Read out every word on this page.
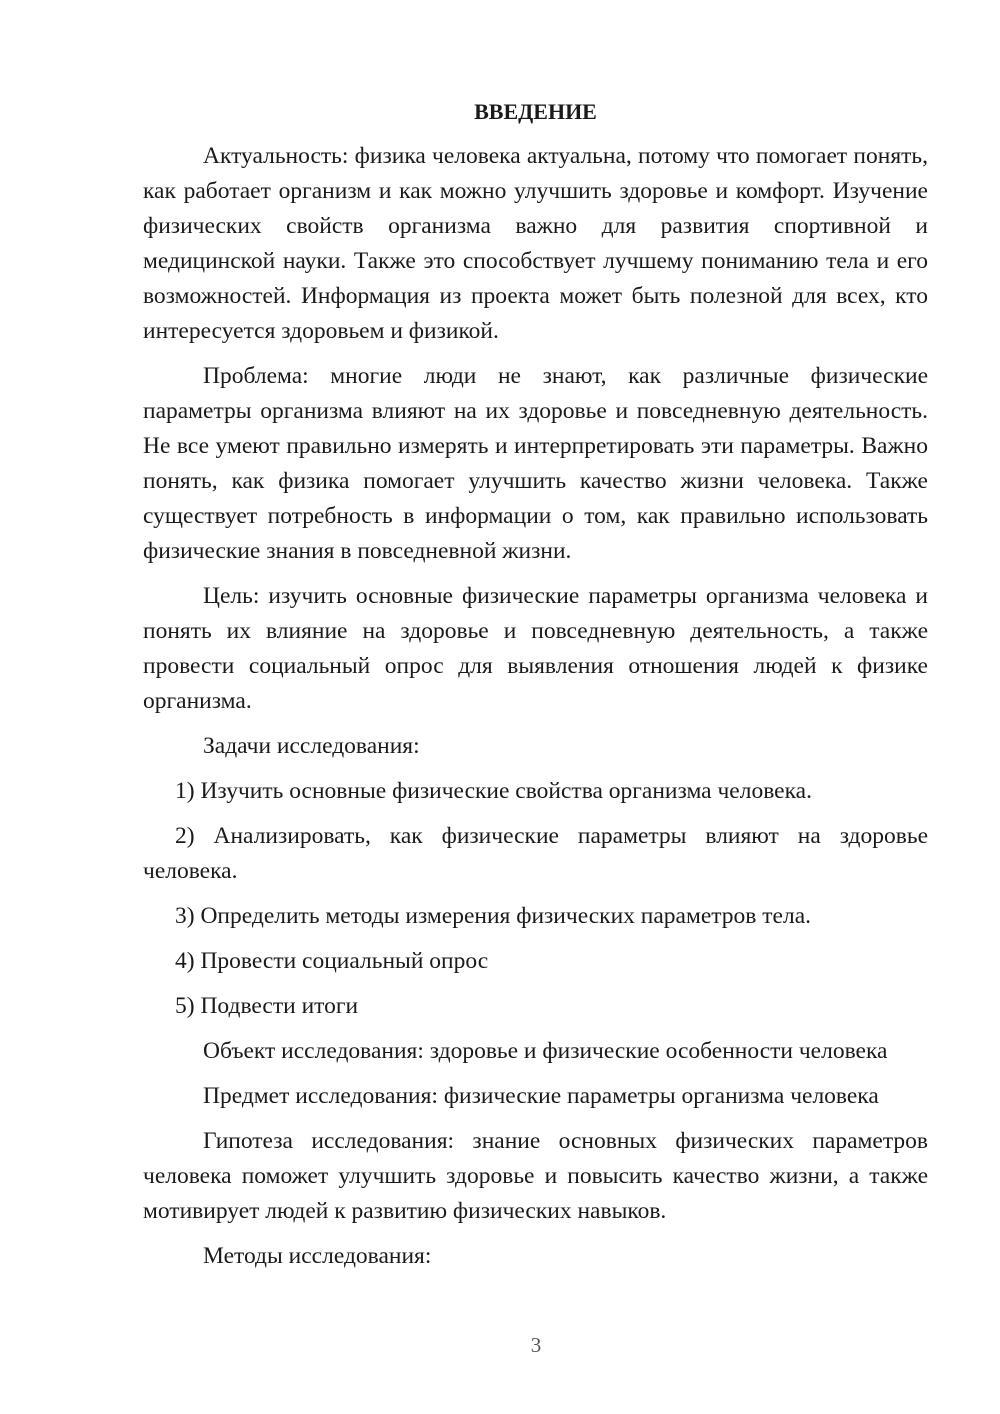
ВВЕДЕНИЕ

Актуальность: физика человека актуальна, потому что помогает понять, как работает организм и как можно улучшить здоровье и комфорт. Изучение физических свойств организма важно для развития спортивной и медицинской науки. Также это способствует лучшему пониманию тела и его возможностей. Информация из проекта может быть полезной для всех, кто интересуется здоровьем и физикой.

Проблема: многие люди не знают, как различные физические параметры организма влияют на их здоровье и повседневную деятельность. Не все умеют правильно измерять и интерпретировать эти параметры. Важно понять, как физика помогает улучшить качество жизни человека. Также существует потребность в информации о том, как правильно использовать физические знания в повседневной жизни.

Цель: изучить основные физические параметры организма человека и понять их влияние на здоровье и повседневную деятельность, а также провести социальный опрос для выявления отношения людей к физике организма.

Задачи исследования:

1) Изучить основные физические свойства организма человека.

2) Анализировать, как физические параметры влияют на здоровье человека.

3) Определить методы измерения физических параметров тела.

4) Провести социальный опрос

5) Подвести итоги

Объект исследования: здоровье и физические особенности человека

Предмет исследования: физические параметры организма человека

Гипотеза исследования: знание основных физических параметров человека поможет улучшить здоровье и повысить качество жизни, а также мотивирует людей к развитию физических навыков.

Методы исследования:

3
